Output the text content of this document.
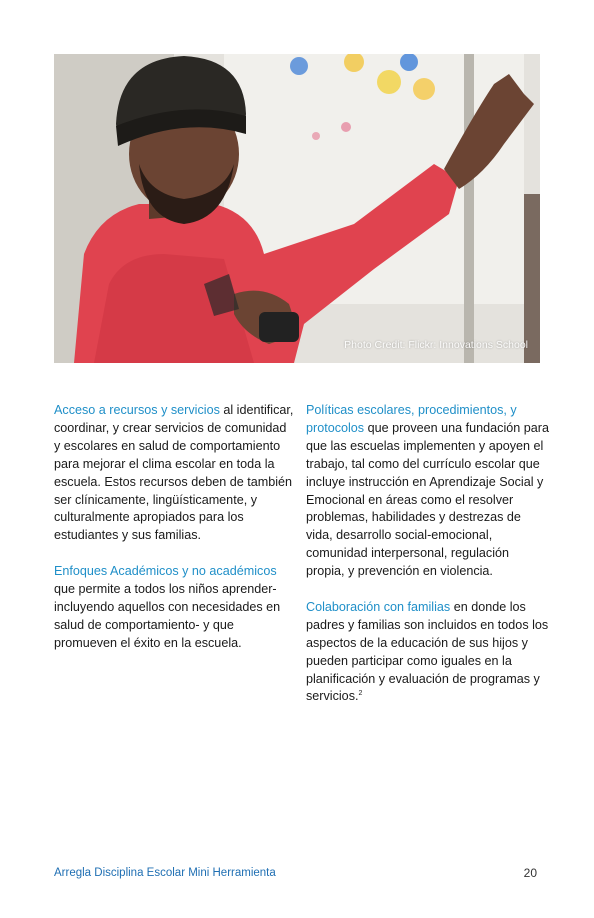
Photo Credit: Flickr: Innovations School

Acceso a recursos y servicios al identificar, coordinar, y crear servicios de comunidad y escolares en salud de comportamiento para mejorar el clima escolar en toda la escuela. Estos recursos deben de también ser clínicamente, lingüísticamente, y culturalmente apropiados para los estudiantes y sus familias.

Enfoques Académicos y no académicos que permite a todos los niños aprender- incluyendo aquellos con necesidades en salud de comportamiento- y que promueven el éxito en la escuela.

Políticas escolares, procedimientos, y protocolos que proveen una fundación para que las escuelas implementen y apoyen el trabajo, tal como del currículo escolar que incluye instrucción en Aprendizaje Social y Emocional en áreas como el resolver problemas, habilidades y destrezas de vida, desarrollo social-emocional, comunidad interpersonal, regulación propia, y prevención en violencia.

Colaboración con familias en donde los padres y familias son incluidos en todos los aspectos de la educación de sus hijos y pueden participar como iguales en la planificación y evaluación de programas y servicios.$^2$

Arregla Disciplina Escolar Mini Herramienta	20
